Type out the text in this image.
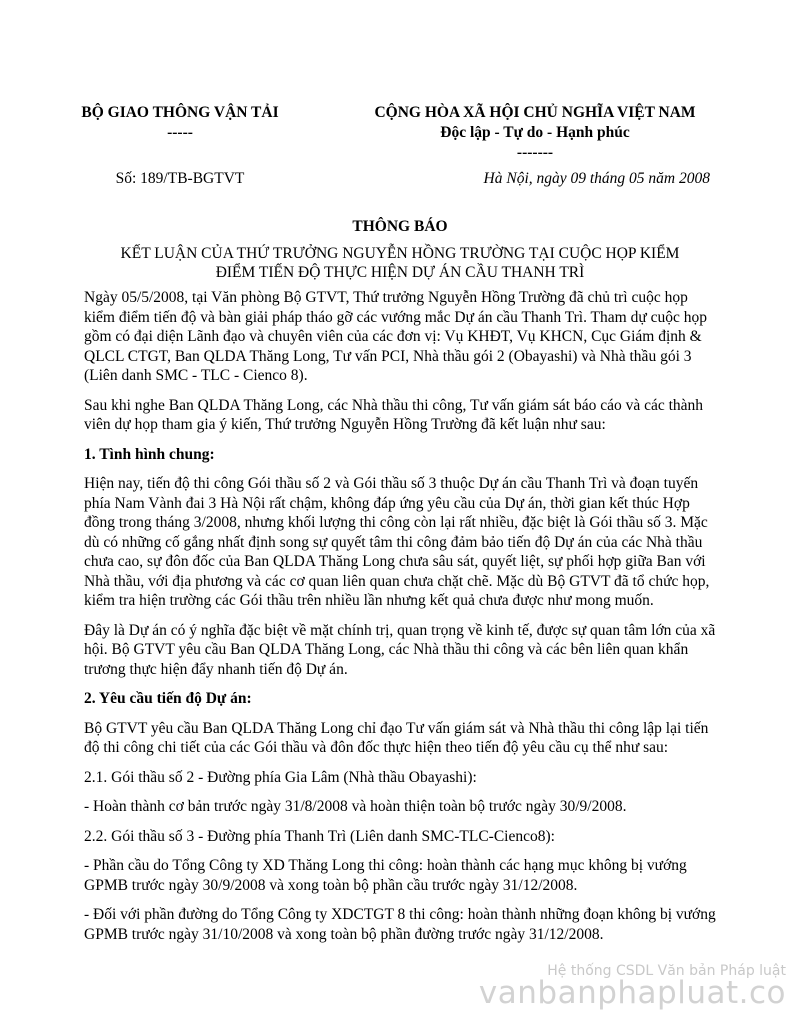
BỘ GIAO THÔNG VẬN TẢI
-----
CỘNG HÒA XÃ HỘI CHỦ NGHĨA VIỆT NAM
Độc lập - Tự do - Hạnh phúc
-------
Số: 189/TB-BGTVT	Hà Nội, ngày 09 tháng 05 năm 2008
THÔNG BÁO
KẾT LUẬN CỦA THỨ TRƯỞNG NGUYỄN HỒNG TRƯỜNG TẠI CUỘC HỌP KIỂM
ĐIỂM TIẾN ĐỘ THỰC HIỆN DỰ ÁN CẦU THANH TRÌ

Ngày 05/5/2008, tại Văn phòng Bộ GTVT, Thứ trưởng Nguyễn Hồng Trường đã chủ trì cuộc họp kiểm điểm tiến độ và bàn giải pháp tháo gỡ các vướng mắc Dự án cầu Thanh Trì. Tham dự cuộc họp gồm có đại diện Lãnh đạo và chuyên viên của các đơn vị: Vụ KHĐT, Vụ KHCN, Cục Giám định & QLCL CTGT, Ban QLDA Thăng Long, Tư vấn PCI, Nhà thầu gói 2 (Obayashi) và Nhà thầu gói 3 (Liên danh SMC - TLC - Cienco 8).

Sau khi nghe Ban QLDA Thăng Long, các Nhà thầu thi công, Tư vấn giám sát báo cáo và các thành viên dự họp tham gia ý kiến, Thứ trưởng Nguyễn Hồng Trường đã kết luận như sau:

1. Tình hình chung:

Hiện nay, tiến độ thi công Gói thầu số 2 và Gói thầu số 3 thuộc Dự án cầu Thanh Trì và đoạn tuyến phía Nam Vành đai 3 Hà Nội rất chậm, không đáp ứng yêu cầu của Dự án, thời gian kết thúc Hợp đồng trong tháng 3/2008, nhưng khối lượng thi công còn lại rất nhiều, đặc biệt là Gói thầu số 3. Mặc dù có những cố gắng nhất định song sự quyết tâm thi công đảm bảo tiến độ Dự án của các Nhà thầu chưa cao, sự đôn đốc của Ban QLDA Thăng Long chưa sâu sát, quyết liệt, sự phối hợp giữa Ban với Nhà thầu, với địa phương và các cơ quan liên quan chưa chặt chẽ. Mặc dù Bộ GTVT đã tổ chức họp, kiểm tra hiện trường các Gói thầu trên nhiều lần nhưng kết quả chưa được như mong muốn.

Đây là Dự án có ý nghĩa đặc biệt về mặt chính trị, quan trọng về kinh tế, được sự quan tâm lớn của xã hội. Bộ GTVT yêu cầu Ban QLDA Thăng Long, các Nhà thầu thi công và các bên liên quan khẩn trương thực hiện đẩy nhanh tiến độ Dự án.

2. Yêu cầu tiến độ Dự án:

Bộ GTVT yêu cầu Ban QLDA Thăng Long chỉ đạo Tư vấn giám sát và Nhà thầu thi công lập lại tiến độ thi công chi tiết của các Gói thầu và đôn đốc thực hiện theo tiến độ yêu cầu cụ thể như sau:

2.1. Gói thầu số 2 - Đường phía Gia Lâm (Nhà thầu Obayashi):

- Hoàn thành cơ bản trước ngày 31/8/2008 và hoàn thiện toàn bộ trước ngày 30/9/2008.

2.2. Gói thầu số 3 - Đường phía Thanh Trì (Liên danh SMC-TLC-Cienco8):

- Phần cầu do Tổng Công ty XD Thăng Long thi công: hoàn thành các hạng mục không bị vướng GPMB trước ngày 30/9/2008 và xong toàn bộ phần cầu trước ngày 31/12/2008.

- Đối với phần đường do Tổng Công ty XDCTGT 8 thi công: hoàn thành những đoạn không bị vướng GPMB trước ngày 31/10/2008 và xong toàn bộ phần đường trước ngày 31/12/2008.

Hệ thống CSDL Văn bản Pháp luật
vanbanphapluat.co
